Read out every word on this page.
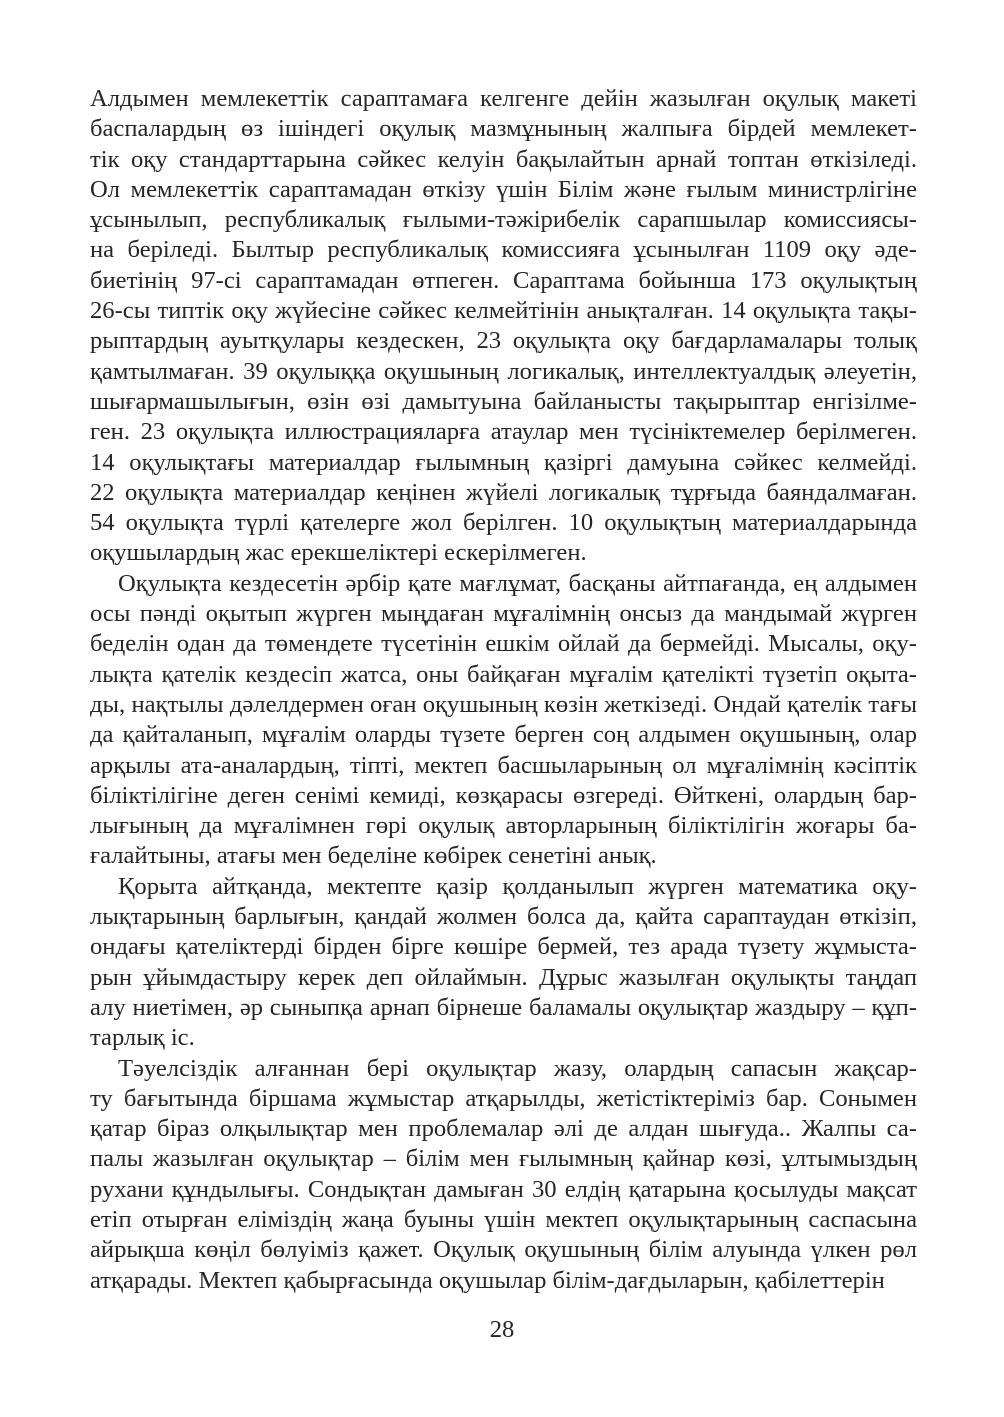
Алдымен мемлекеттік сараптамаға келгенге дейін жазылған оқулық макеті
баспалардың өз ішіндегі оқулық мазмұнының жалпыға бірдей мемлекет-
тік оқу стандарттарына сәйкес келуін бақылайтын арнай топтан өткізіледі.
Ол мемлекеттік сараптамадан өткізу үшін Білім және ғылым министрлігіне
ұсынылып, республикалық ғылыми-тәжірибелік сарапшылар комиссиясы-
на беріледі. Былтыр республикалық комиссияға ұсынылған 1109 оқу әде-
биетінің 97-сі сараптамадан өтпеген. Сараптама бойынша 173 оқулықтың
26-сы типтік оқу жүйесіне сәйкес келмейтінін анықталған. 14 оқулықта тақы-
рыптардың ауытқулары кездескен, 23 оқулықта оқу бағдарламалары толық
қамтылмаған. 39 оқулыққа оқушының логикалық, интеллектуалдық әлеуетін,
шығармашылығын, өзін өзі дамытуына байланысты тақырыптар енгізілме-
ген. 23 оқулықта иллюстрацияларға атаулар мен түсініктемелер берілмеген.
14 оқулықтағы материалдар ғылымның қазіргі дамуына сәйкес келмейді.
22 оқулықта материалдар кеңінен жүйелі логикалық тұрғыда баяндалмаған.
54 оқулықта түрлі қателерге жол берілген. 10 оқулықтың материалдарында
оқушылардың жас ерекшеліктері ескерілмеген.
Оқулықта кездесетін әрбір қате мағлұмат, басқаны айтпағанда, ең алдымен
осы пәнді оқытып жүрген мыңдаған мұғалімнің онсыз да мандымай жүрген
беделін одан да төмендете түсетінін ешкім ойлай да бермейді. Мысалы, оқу-
лықта қателік кездесіп жатса, оны байқаған мұғалім қателікті түзетіп оқыта-
ды, нақтылы дәлелдермен оған оқушының көзін жеткізеді. Ондай қателік тағы
да қайталанып, мұғалім оларды түзете берген соң алдымен оқушының, олар
арқылы ата-аналардың, тіпті, мектеп басшыларының ол мұғалімнің кәсіптік
біліктілігіне деген сенімі кемиді, көзқарасы өзгереді. Өйткені, олардың бар-
лығының да мұғалімнен гөрі оқулық авторларының біліктілігін жоғары ба-
ғалайтыны, атағы мен беделіне көбірек сенетіні анық.
Қорыта айтқанда, мектепте қазір қолданылып жүрген математика оқу-
лықтарының барлығын, қандай жолмен болса да, қайта сараптаудан өткізіп,
ондағы қателіктерді бірден бірге көшіре бермей, тез арада түзету жұмыста-
рын ұйымдастыру керек деп ойлаймын. Дұрыс жазылған оқулықты таңдап
алу ниетімен, әр сыныпқа арнап бірнеше баламалы оқулықтар жаздыру – құп-
тарлық іс.
Тәуелсіздік алғаннан бері оқулықтар жазу, олардың сапасын жақсар-
ту бағытында біршама жұмыстар атқарылды, жетістіктеріміз бар. Сонымен
қатар біраз олқылықтар мен проблемалар әлі де алдан шығуда.. Жалпы са-
палы жазылған оқулықтар – білім мен ғылымның қайнар көзі, ұлтымыздың
рухани құндылығы. Сондықтан дамыған 30 елдің қатарына қосылуды мақсат
етіп отырған еліміздің жаңа буыны үшін мектеп оқулықтарының саспасына
айрықша көңіл бөлуіміз қажет. Оқулық оқушының білім алуында үлкен рөл
атқарады. Мектеп қабырғасында оқушылар білім-дағдыларын, қабілеттерін
28
